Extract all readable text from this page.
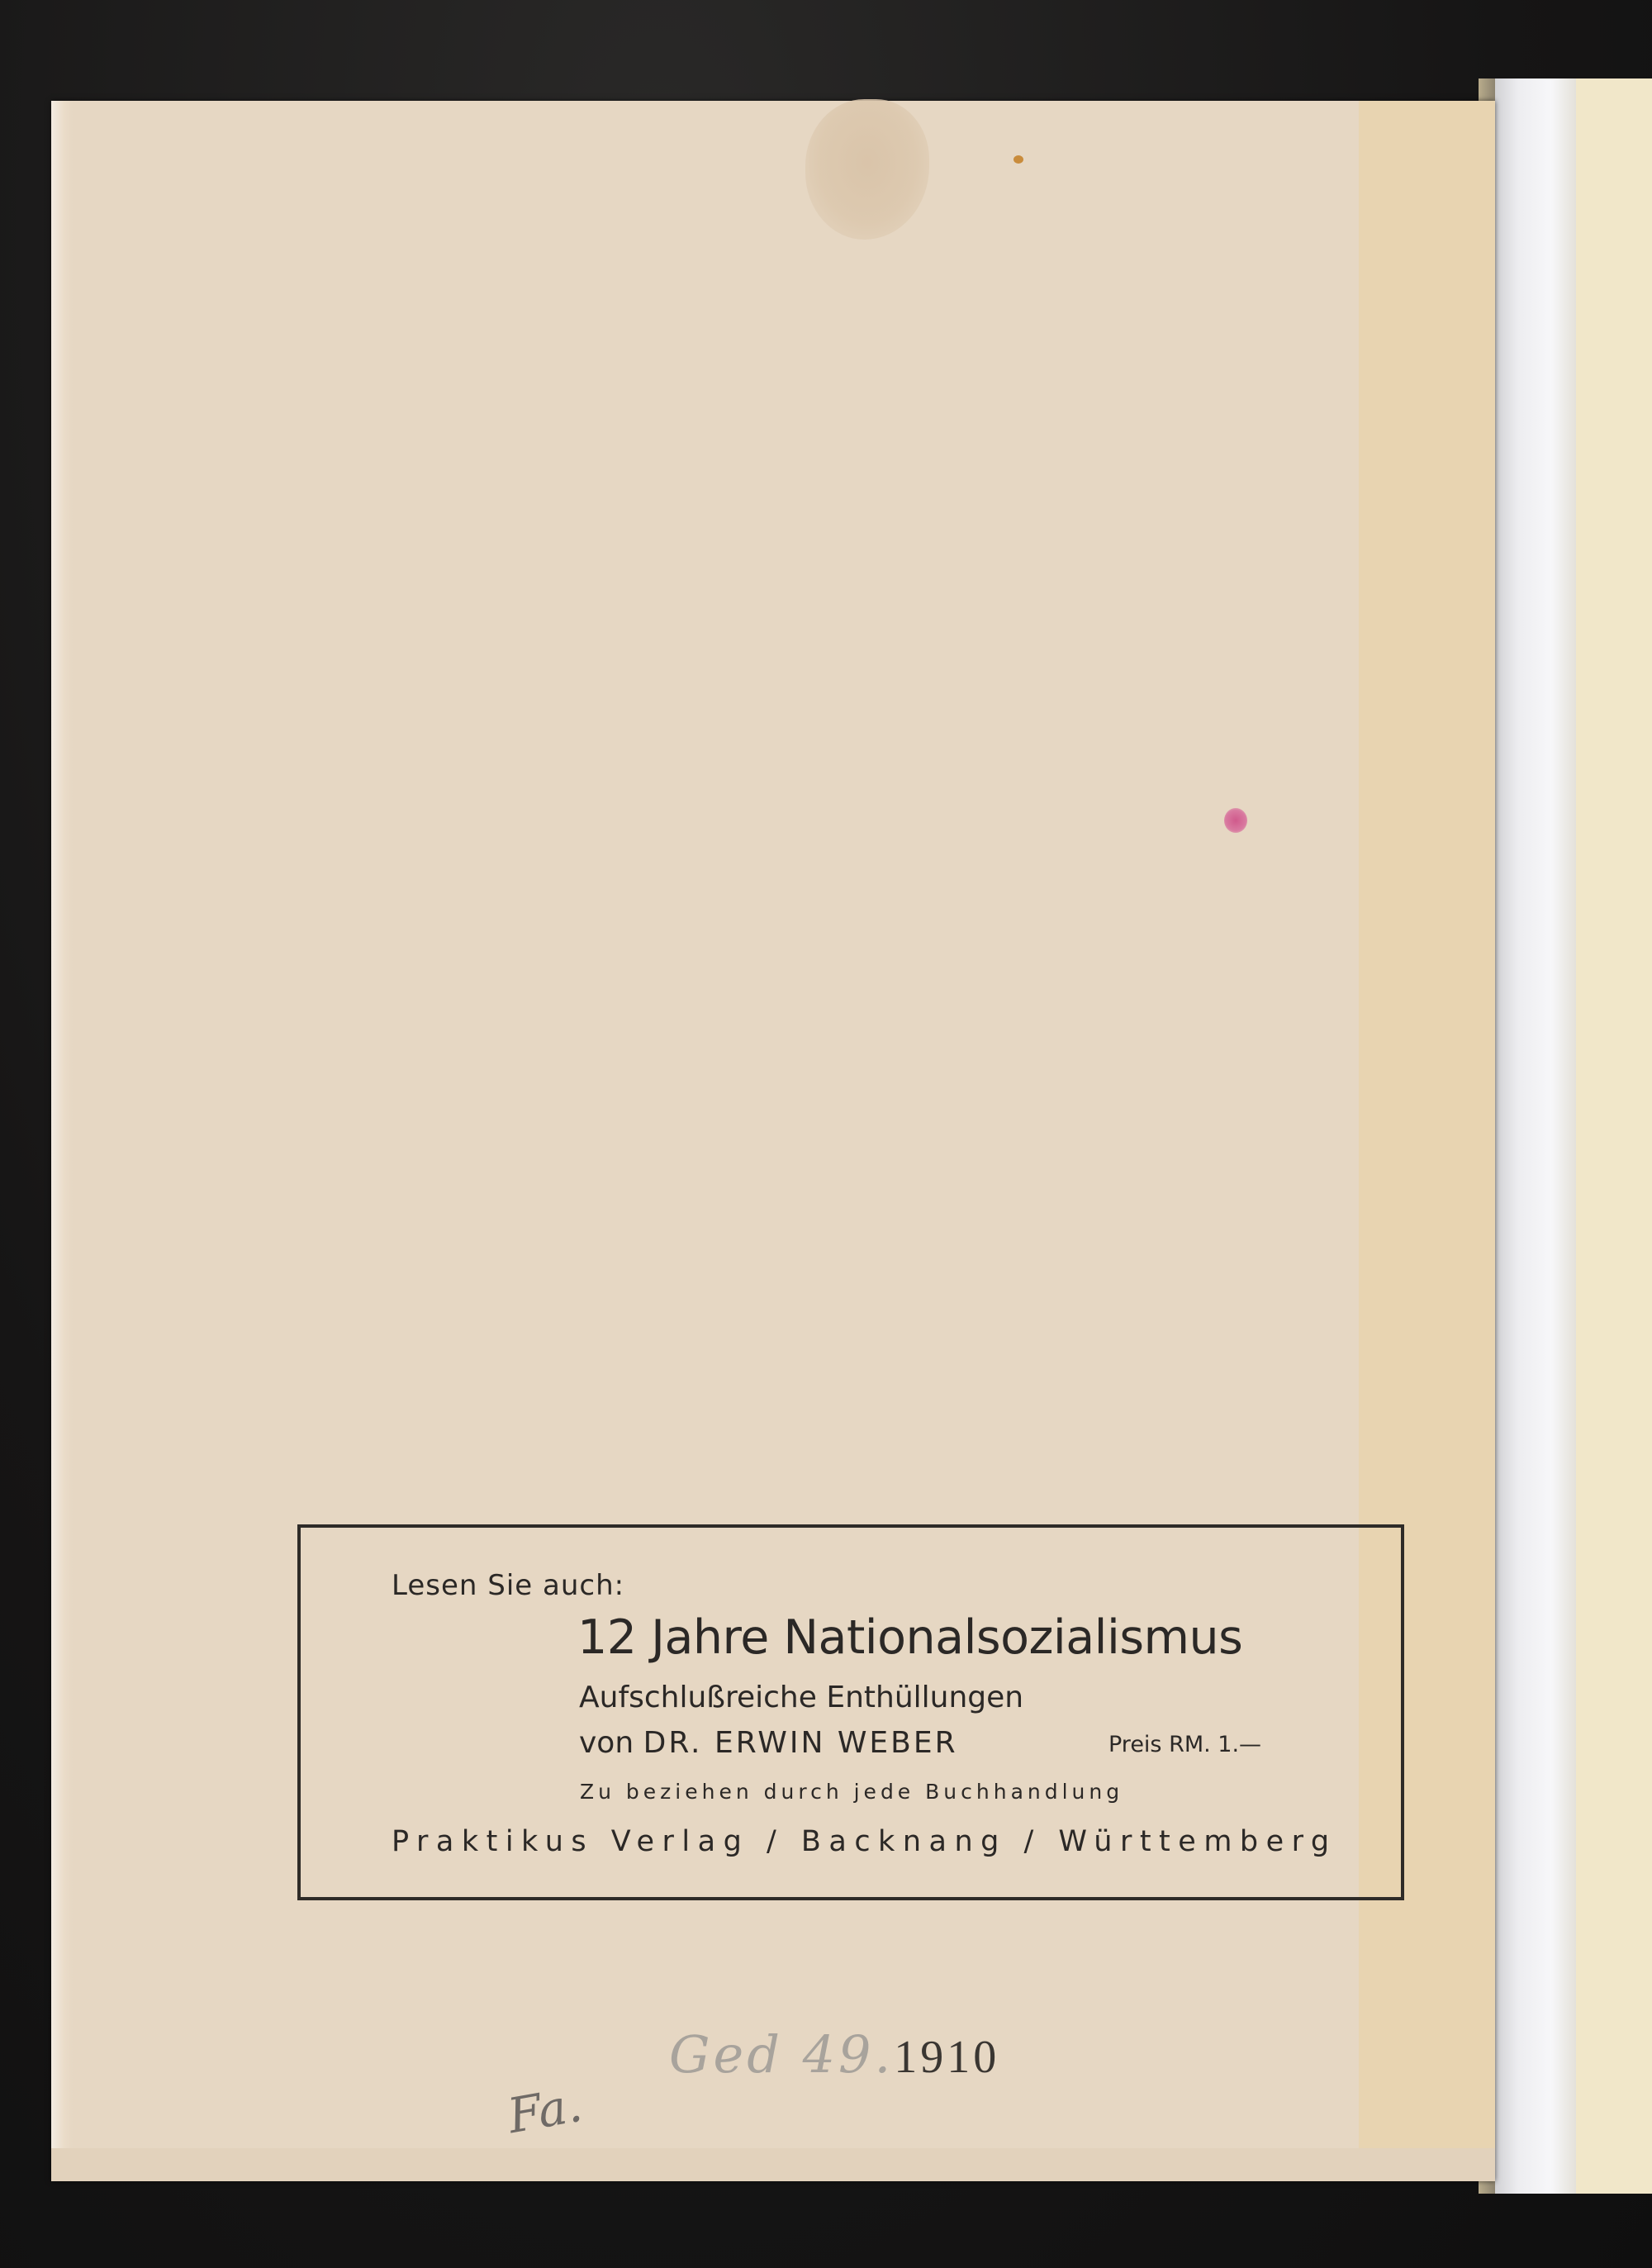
Lesen Sie auch:
12 Jahre Nationalsozialismus
Aufschlußreiche Enthüllungen
von DR. ERWIN WEBER	Preis RM. 1.—
Zu beziehen durch jede Buchhandlung
Praktikus Verlag / Backnang / Württemberg
Ged 49.1910
Fa.
